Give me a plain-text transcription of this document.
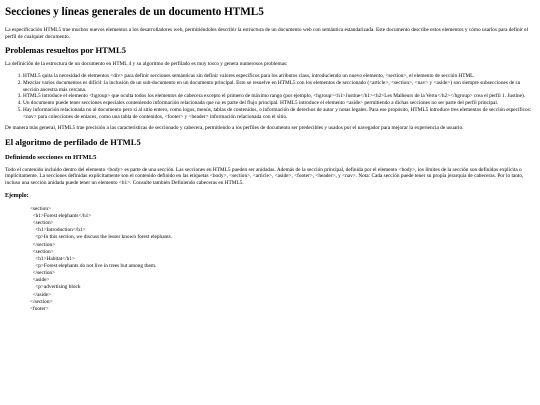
Secciones y líneas generales de un documento HTML5

La especificación HTML5 trae muchos nuevos elementos a los desarrolladores web, permitiéndoles describir la estructura de un documento web con semántica estandarizada. Este documento describe estos elementos y cómo usarlos para definir el perfil de cualquier documento.

Problemas resueltos por HTML5

La definición de la estructura de un documento en HTML 4 y su algoritmo de perfilado es muy tosco y genera numerosos problemas:

1. HTML5 quita la necesidad de elementos <div> para definir secciones semánticas sin definir valores específicos para los atributos class, introduciendo un nuevo elemento, <section>, el elemento de sección HTML.
2. Mezclar varios documentos es difícil: la inclusión de un sub-documento en un documento principal. Esto se resuelve en HTML5 con los elementos de seccionado (<article>, <section>, <nav> y <aside>) son siempre subsecciones de su sección ancestra más cercana.
3. HTML5 introduce el elemento <hgroup> que oculta todos los elementos de cabecera excepto el primero de máximo rango (por ejemplo, <hgroup><h1>Justine</h1><h2>Les Malheurs de la Vertu</h2></hgroup> crea el perfil 1. Justine).
4. Un documento puede tener secciones especiales conteniendo información relacionada que no es parte del flujo principal. HTML5 introduce el elemento <aside> permitiendo a dichas secciones no ser parte del perfil principal.
5. Hay información relacionada no al documento pero sí al sitio entero, como logos, menús, tablas de contenidos, o información de derechos de autor y notas legales. Para ese propósito, HTML5 introduce tres elementos de sección específicos: <nav> para colecciones de enlaces, como una tabla de contenidos, <footer> y <header> información relacionada con el sitio.

De manera más general, HTML5 trae precisión a las características de seccionado y cabecera, permitiendo a los perfiles de documento ser predecibles y usados por el navegador para mejorar la experiencia de usuario.

El algoritmo de perfilado de HTML5
Definiendo secciones en HTML5

Todo el contenido incluido dentro del elemento <body> es parte de una sección. Las secciones en HTML5 pueden ser anidadas. Además de la sección principal, definida por el elemento <body>, los límites de la sección son definidos explícita o implícitamente. La secciones definidas explícitamente son el contenido definido en las etiquetas <body>, <section>, <article>, <aside>, <footer>, <header>, y <nav>. Nota: Cada sección puede tener su propia jerarquía de cabeceras. Por lo tanto, incluso una sección anidada puede tener un elemento <h1>. Consulte también Definiendo cabeceras en HTML5.

Ejemplo:
<section>
<h1>Forest elephants</h1>
<section>
<h1>Introduction</h1>
<p>In this section, we discuss the lesser known forest elephants.
</section>
<section>
<h1>Habitat</h1>
<p>Forest elephants do not live in trees but among them.
</section>
<aside>
<p>advertising block
</aside>
</section>
<footer>
